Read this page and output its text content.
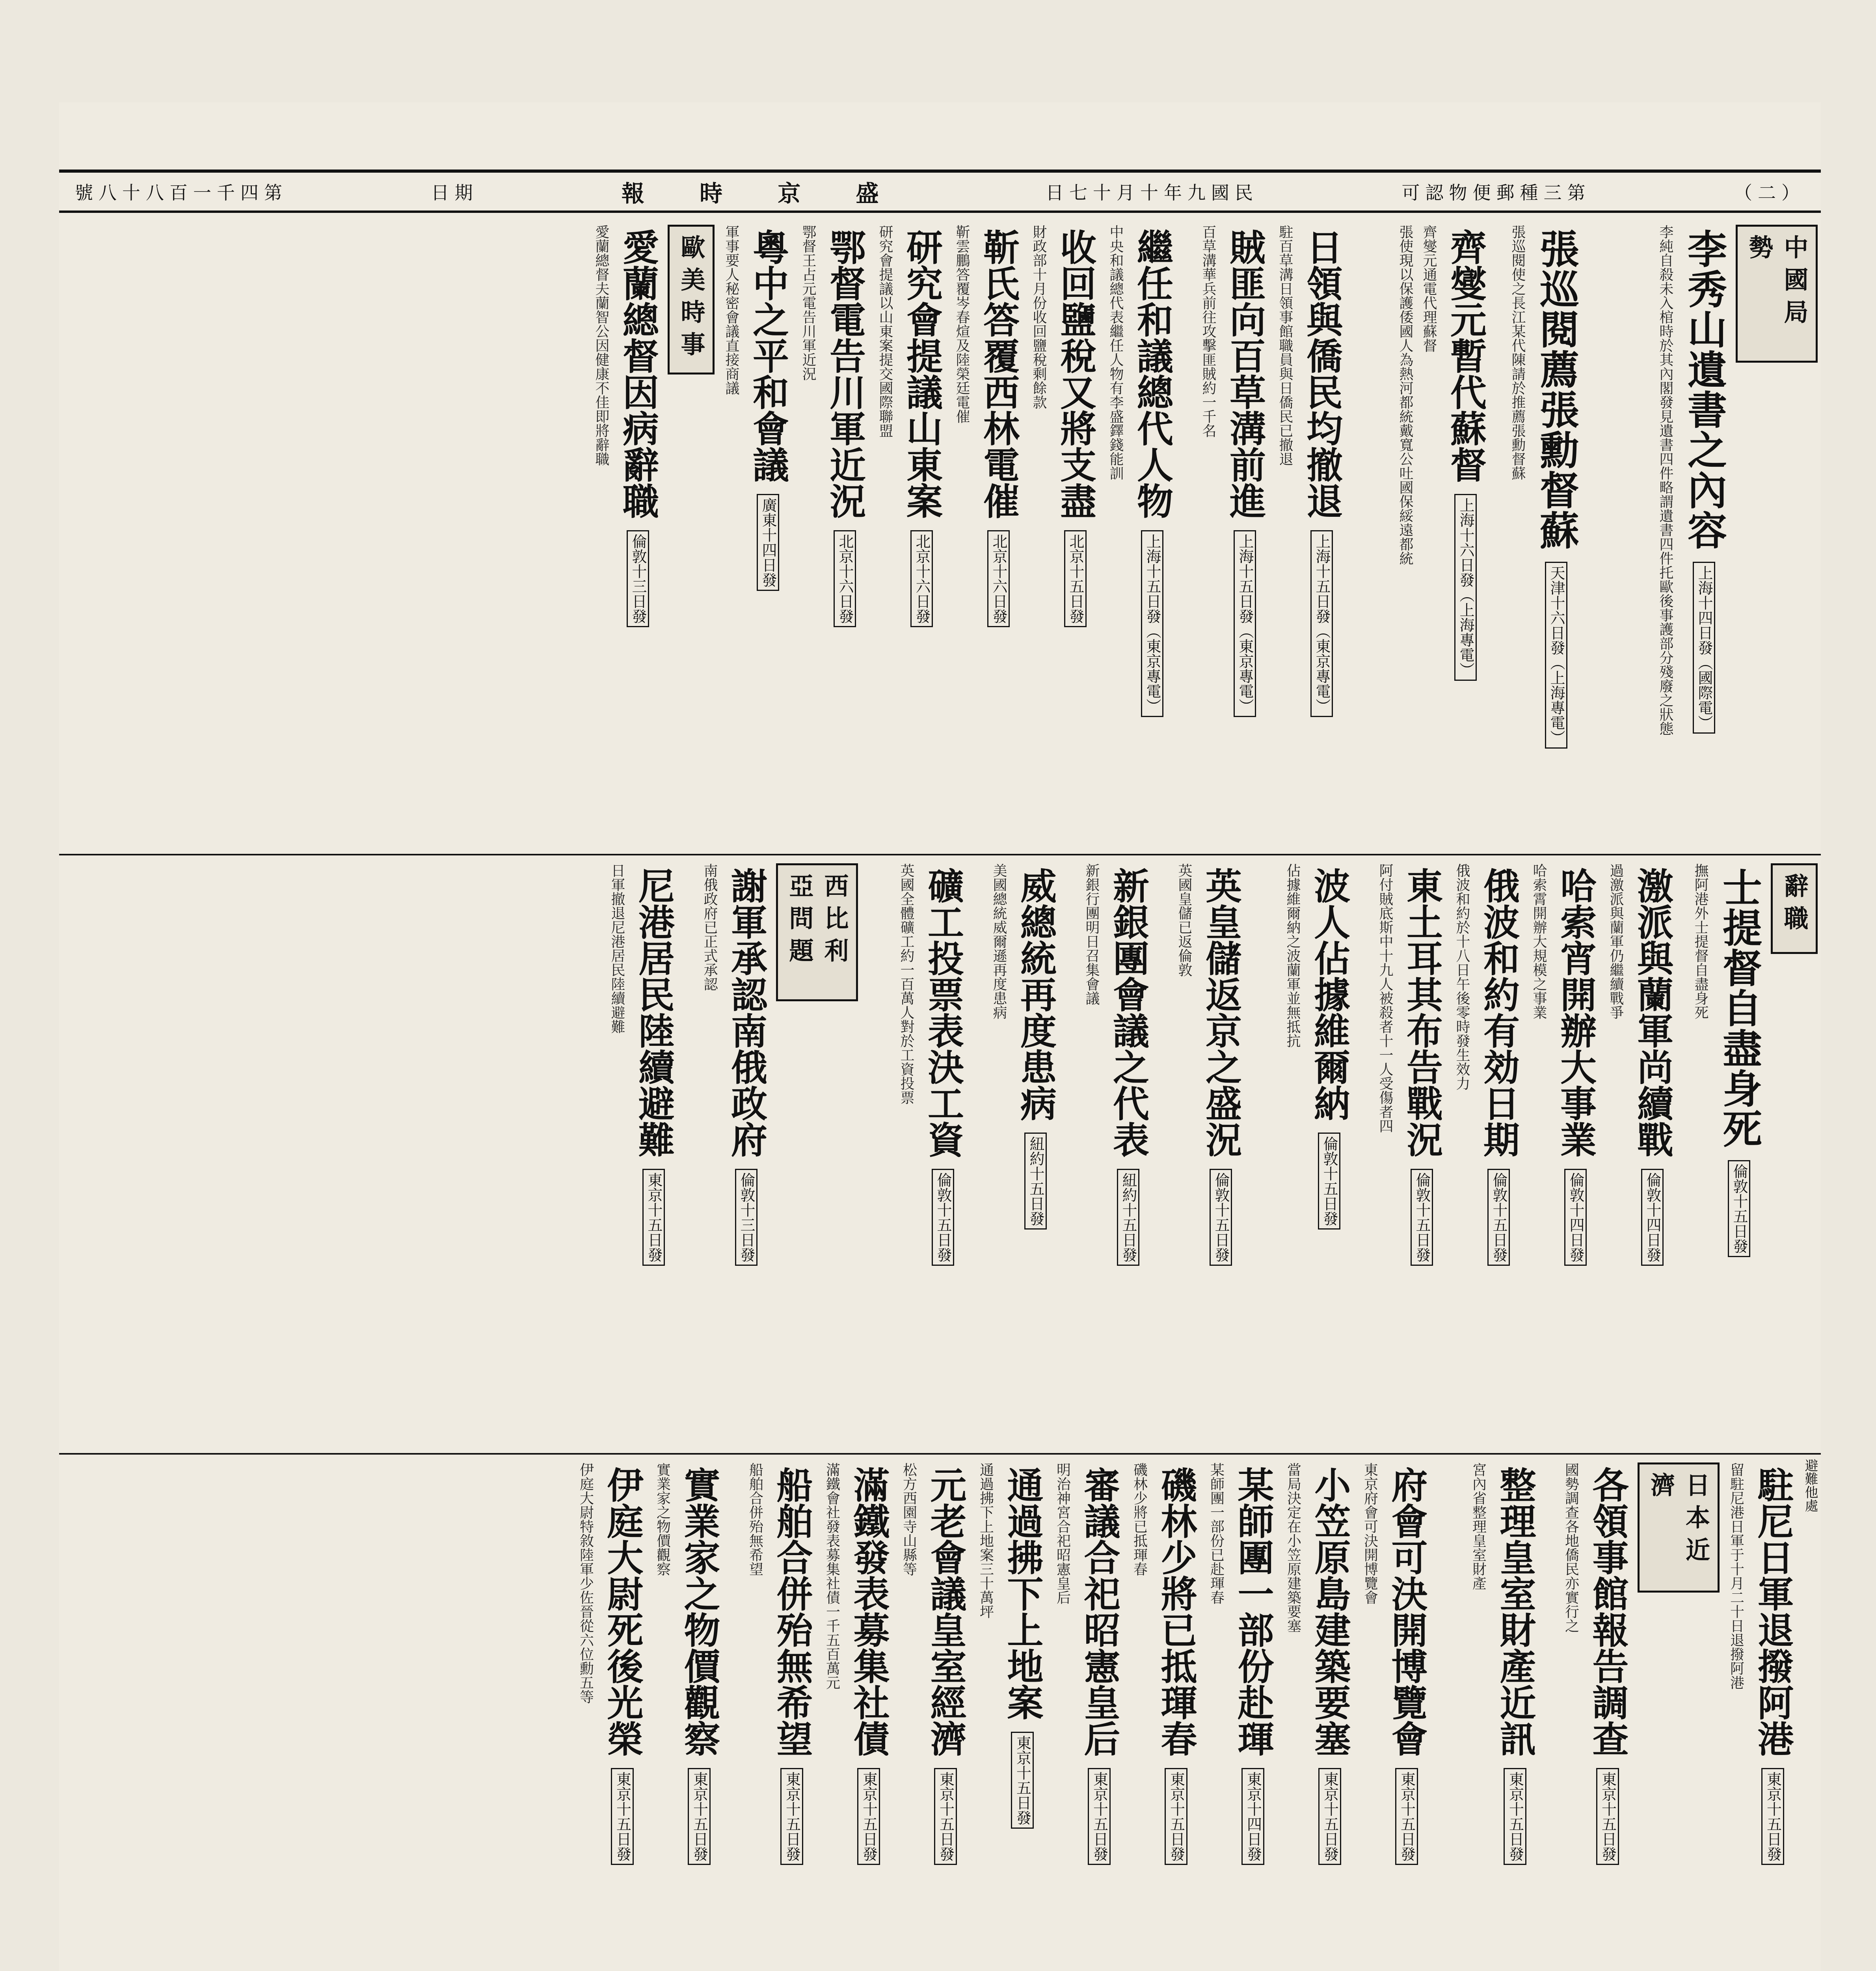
號八十八百一千四第	日期	報 時 京 盛	日七十月十年九國民	可認物便郵種三第	（二）
中國局勢
李秀山遺書之內容 上海十四日發（國際電）
李純自殺未入棺時於其內閣發見遺書四件略謂遺書四件托歐後事護部分殘廢之狀態
張巡閱薦張勳督蘇 天津十六日發（上海專電）
張巡閱使之長江某代陳請於推薦張勳督蘇
齊燮元暫代蘇督 上海十六日發（上海專電）
齊燮元通電代理蘇督
張使現以保護倭國人為熱河都統戴寬公吐國保綏遠都統
日領與僑民均撤退 上海十五日發（東京專電）
駐百草溝日領事館職員與日僑民已撤退
賊匪向百草溝前進 上海十五日發（東京專電）
百草溝華兵前往攻擊匪賊約一千名
繼任和議總代人物 上海十五日發（東京專電）
中央和議總代表繼任人物有李盛鐸錢能訓
收回鹽稅又將支盡 北京十五日發
財政部十月份收回鹽稅剩餘款
靳氏答覆西林電催 北京十六日發
靳雲鵬答覆岑春煊及陸榮廷電催
研究會提議山東案 北京十六日發
研究會提議以山東案提交國際聯盟
鄂督電告川軍近況 北京十六日發
鄂督王占元電告川軍近況
粵中之平和會議 廣東十四日發
軍事要人秘密會議直接商議
歐美時事
愛蘭總督因病辭職 倫敦十三日發
愛蘭總督夫蘭智公因健康不佳即將辭職
辭職
士提督自盡身死 倫敦十五日發
撫阿港外士提督自盡身死
激派與蘭軍尚續戰 倫敦十四日發
過激派與蘭軍仍繼續戰爭
哈索宵開辦大事業 倫敦十四日發
哈索霄開辦大規模之事業
俄波和約有効日期 倫敦十五日發
俄波和約於十八日午後零時發生效力
東土耳其布告戰況 倫敦十五日發
阿付賊底斯中十九人被殺者十一人受傷者四
波人佔據維爾納 倫敦十五日發
佔據維爾納之波蘭軍並無抵抗
英皇儲返京之盛況 倫敦十五日發
英國皇儲已返倫敦
新銀團會議之代表 紐約十五日發
新銀行團明日召集會議
威總統再度患病 紐約十五日發
美國總統威爾遜再度患病
礦工投票表決工資 倫敦十五日發
英國全體礦工約一百萬人對於工資投票
西比利亞問題
謝軍承認南俄政府 倫敦十三日發
南俄政府已正式承認
尼港居民陸續避難 東京十五日發
日軍撤退尼港居民陸續避難
避難他處
駐尼日軍退撥阿港 東京十五日發
留駐尼港日軍于十月二十日退撥阿港
日本近濟
各領事館報告調查 東京十五日發
國勢調查各地僑民亦實行之
整理皇室財產近訊 東京十五日發
宮內省整理皇室財產
府會可決開博覽會 東京十五日發
東京府會可決開博覽會
小笠原島建築要塞 東京十五日發
當局決定在小笠原建築要塞
某師團一部份赴琿 東京十四日發
某師團一部份已赴琿春
磯林少將已抵琿春 東京十五日發
磯林少將已抵琿春
審議合祀昭憲皇后 東京十五日發
明治神宮合祀昭憲皇后
通過拂下上地案 東京十五日發
通過拂下上地案三十萬坪
元老會議皇室經濟 東京十五日發
松方西園寺山縣等
滿鐵發表募集社債 東京十五日發
滿鐵會社發表募集社債一千五百萬元
船舶合併殆無希望 東京十五日發
船舶合併殆無希望
實業家之物價觀察 東京十五日發
實業家之物價觀察
伊庭大尉死後光榮 東京十五日發
伊庭大尉特敘陸軍少佐晉從六位勳五等
